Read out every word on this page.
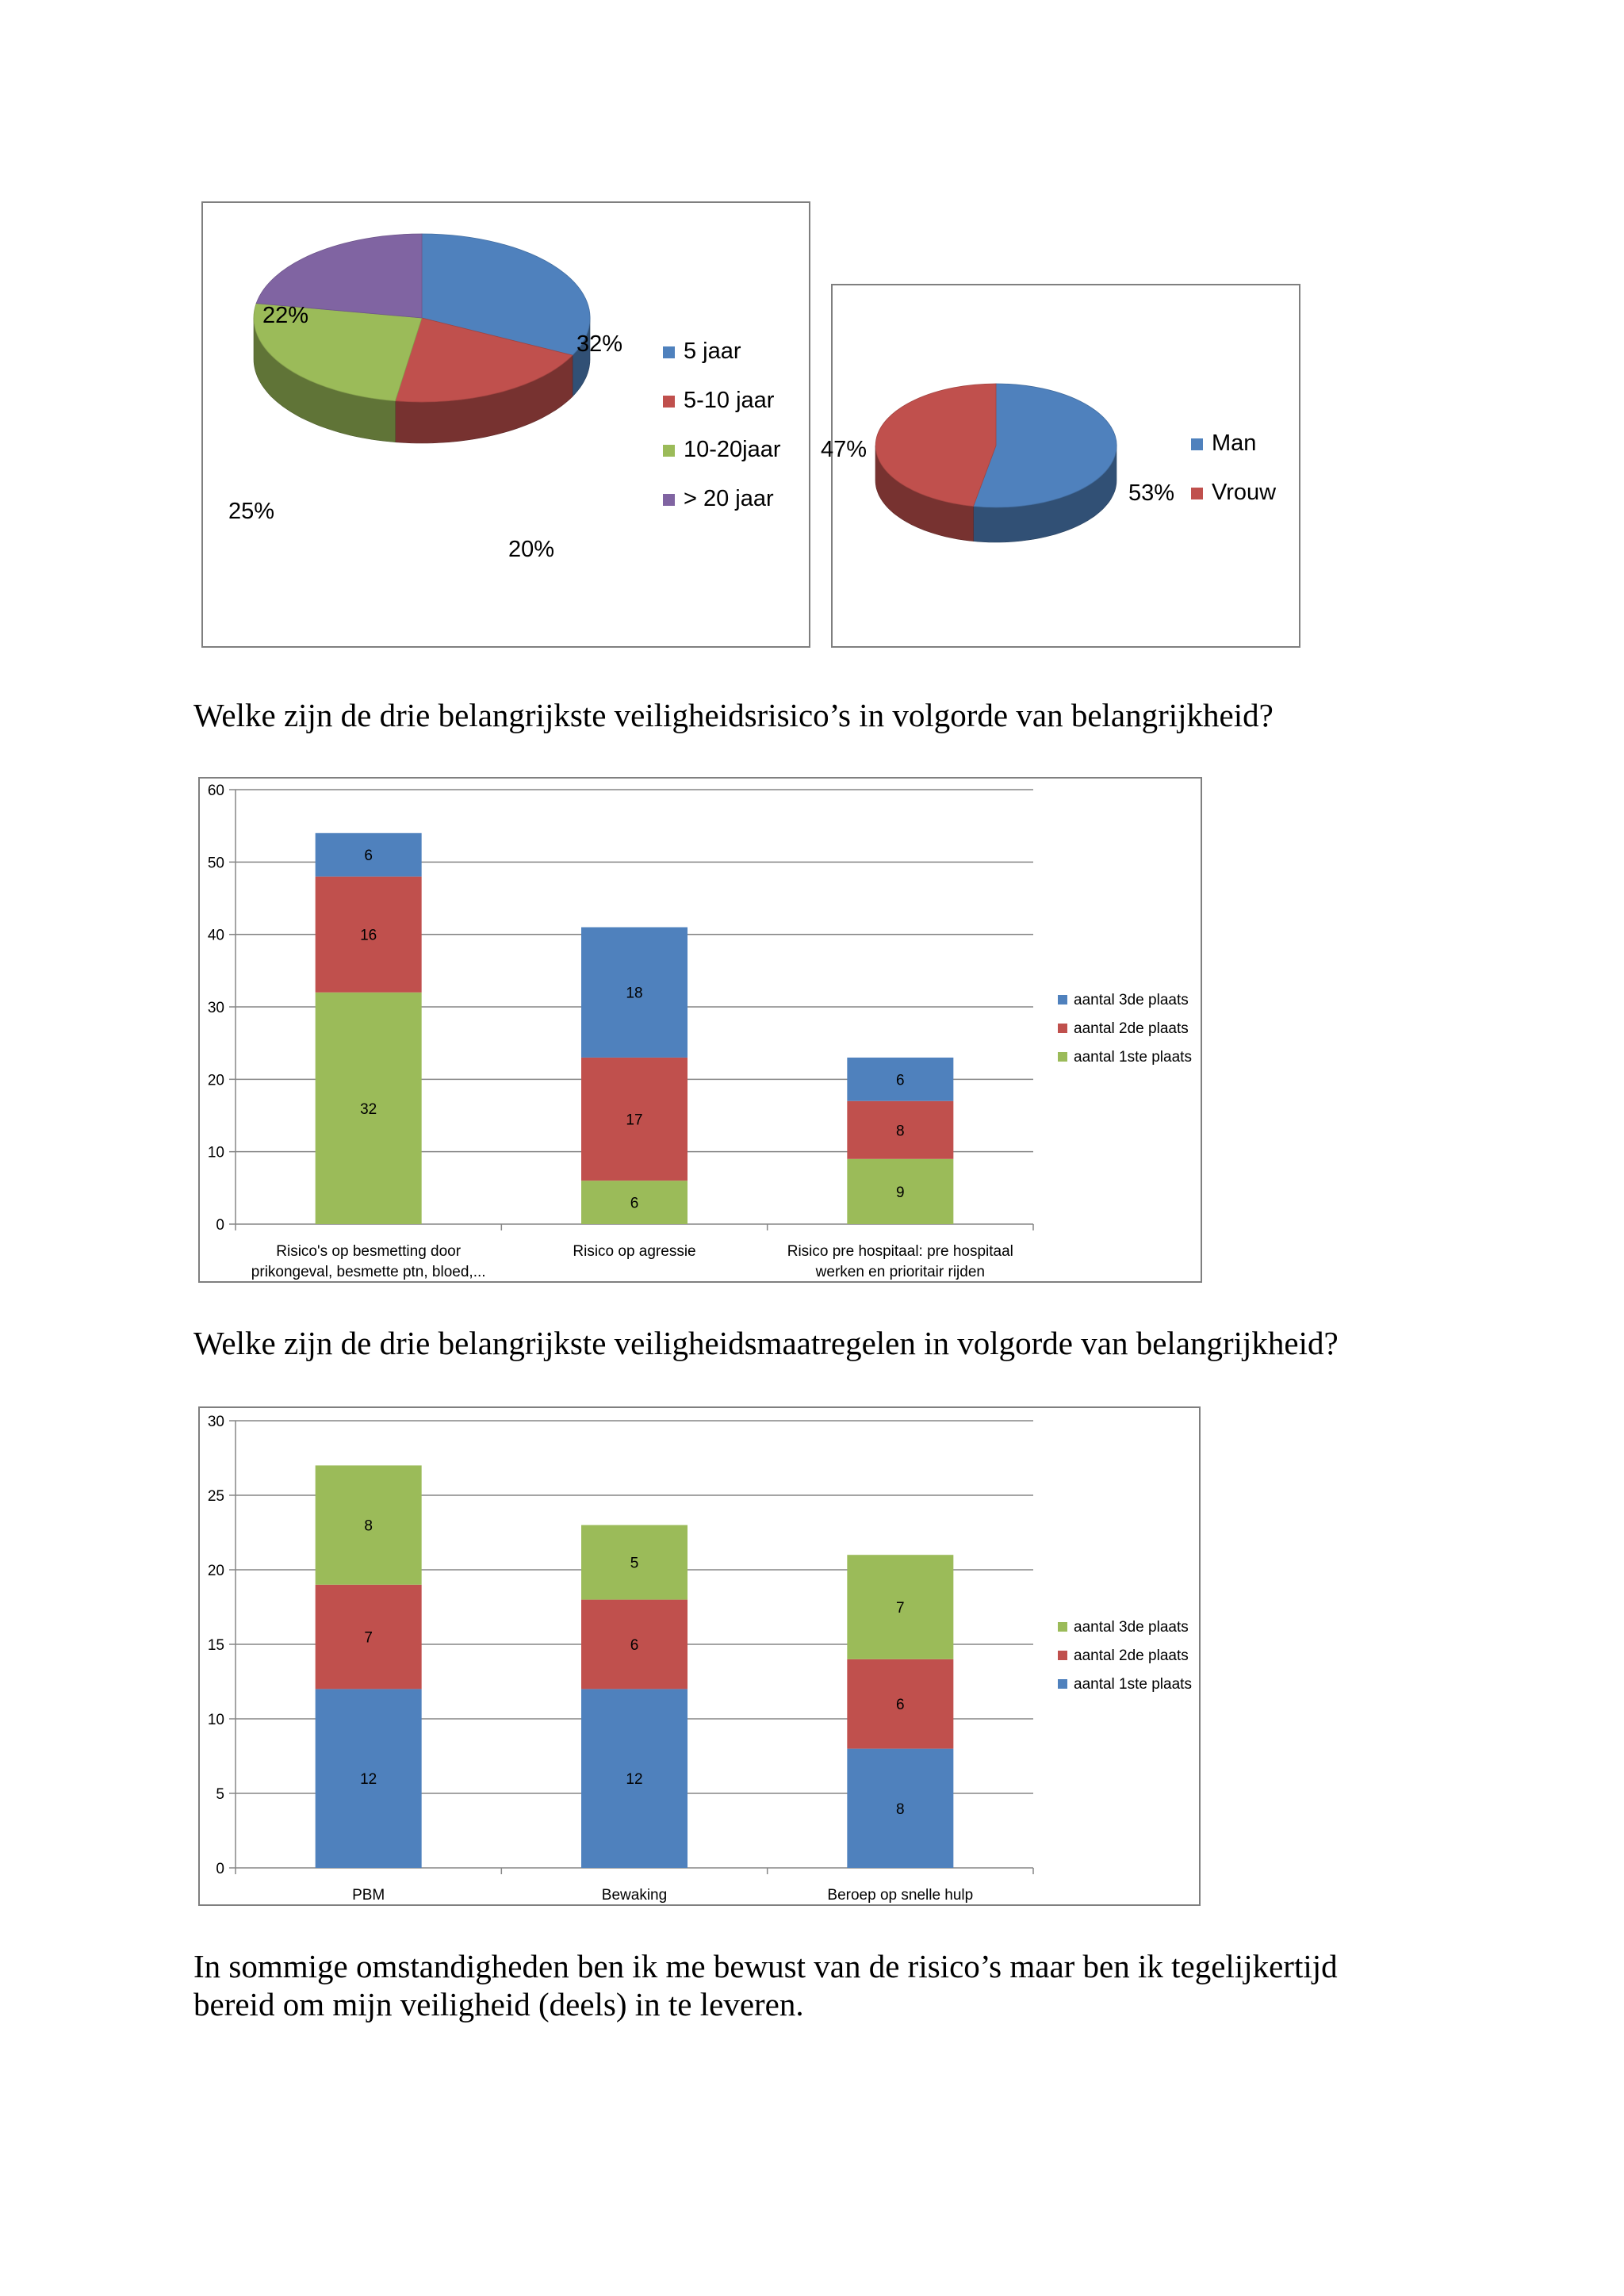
32%
20%
25%
22%
5 jaar
5-10 jaar
10-20jaar
> 20 jaar	53%
47%	Man
Vrouw

Welke zijn de drie belangrijkste veiligheidsrisico’s in volgorde van belangrijkheid?

0
10
20
30
40
50
60
32
16
6
Risico's op besmetting door
prikongeval, besmette ptn, bloed,...
6
17
18
Risico op agressie
9
8
6
Risico pre hospitaal: pre hospitaal
werken en prioritair rijden
aantal 3de plaats
aantal 2de plaats
aantal 1ste plaats

Welke zijn de drie belangrijkste veiligheidsmaatregelen in volgorde van belangrijkheid?

0
5
10
15
20
25
30
12
7
8
PBM
12
6
5
Bewaking
8
6
7
Beroep op snelle hulp
aantal 3de plaats
aantal 2de plaats
aantal 1ste plaats

In sommige omstandigheden ben ik me bewust van de risico’s maar ben ik tegelijkertijd
bereid om mijn veiligheid (deels) in te leveren.
